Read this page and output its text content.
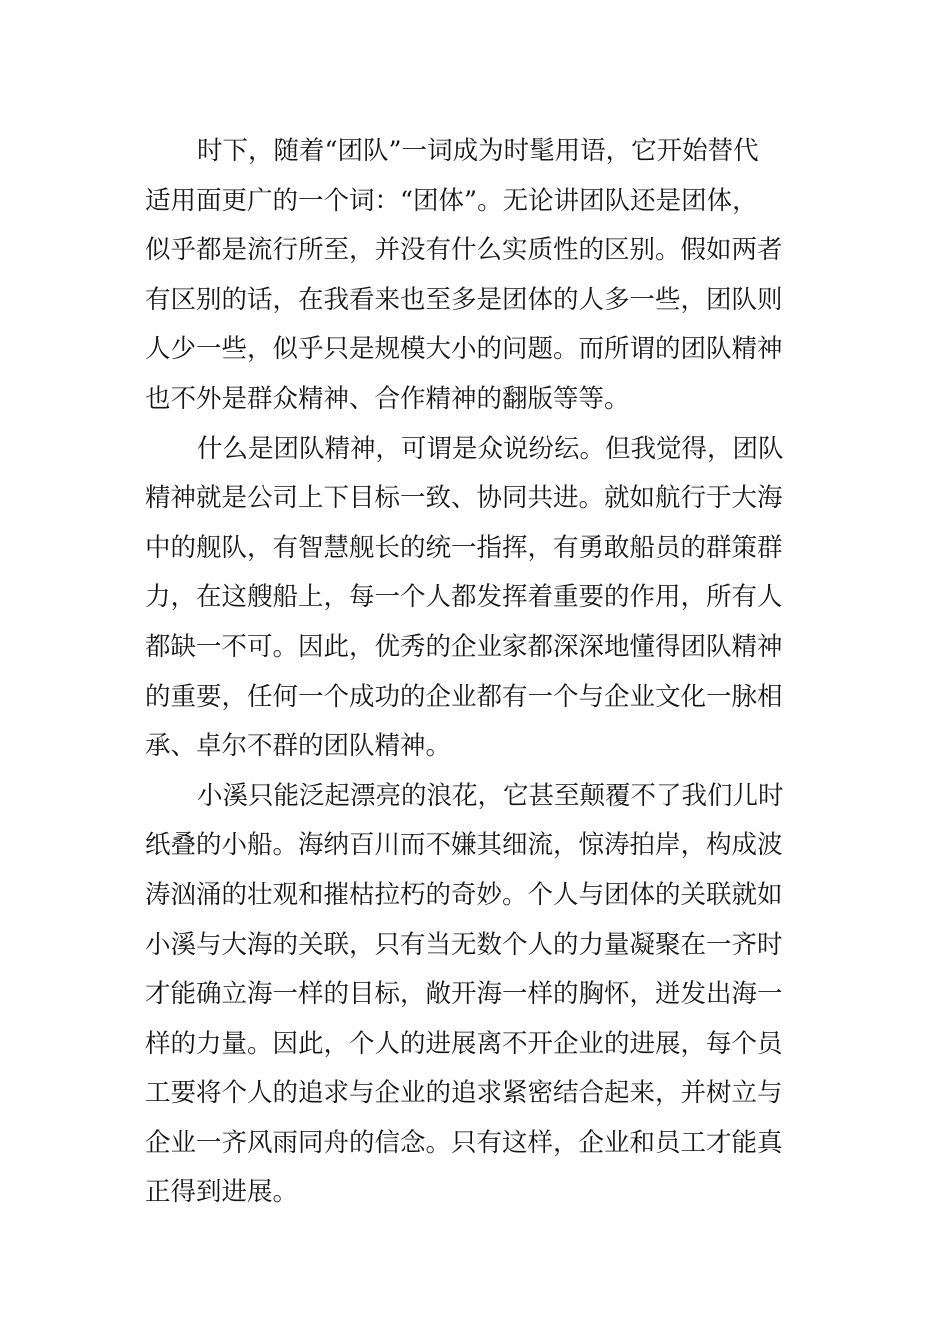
时下，随着“团队”一词成为时髦用语，它开始替代
适用面更广的一个词：“团体”。无论讲团队还是团体，
似乎都是流行所至，并没有什么实质性的区别。假如两者
有区别的话，在我看来也至多是团体的人多一些，团队则
人少一些，似乎只是规模大小的问题。而所谓的团队精神
也不外是群众精神、合作精神的翻版等等。
什么是团队精神，可谓是众说纷纭。但我觉得，团队
精神就是公司上下目标一致、协同共进。就如航行于大海
中的舰队，有智慧舰长的统一指挥，有勇敢船员的群策群
力，在这艘船上，每一个人都发挥着重要的作用，所有人
都缺一不可。因此，优秀的企业家都深深地懂得团队精神
的重要，任何一个成功的企业都有一个与企业文化一脉相
承、卓尔不群的团队精神。
小溪只能泛起漂亮的浪花，它甚至颠覆不了我们儿时
纸叠的小船。海纳百川而不嫌其细流，惊涛拍岸，构成波
涛汹涌的壮观和摧枯拉朽的奇妙。个人与团体的关联就如
小溪与大海的关联，只有当无数个人的力量凝聚在一齐时
才能确立海一样的目标，敞开海一样的胸怀，迸发出海一
样的力量。因此，个人的进展离不开企业的进展，每个员
工要将个人的追求与企业的追求紧密结合起来，并树立与
企业一齐风雨同舟的信念。只有这样，企业和员工才能真
正得到进展。
